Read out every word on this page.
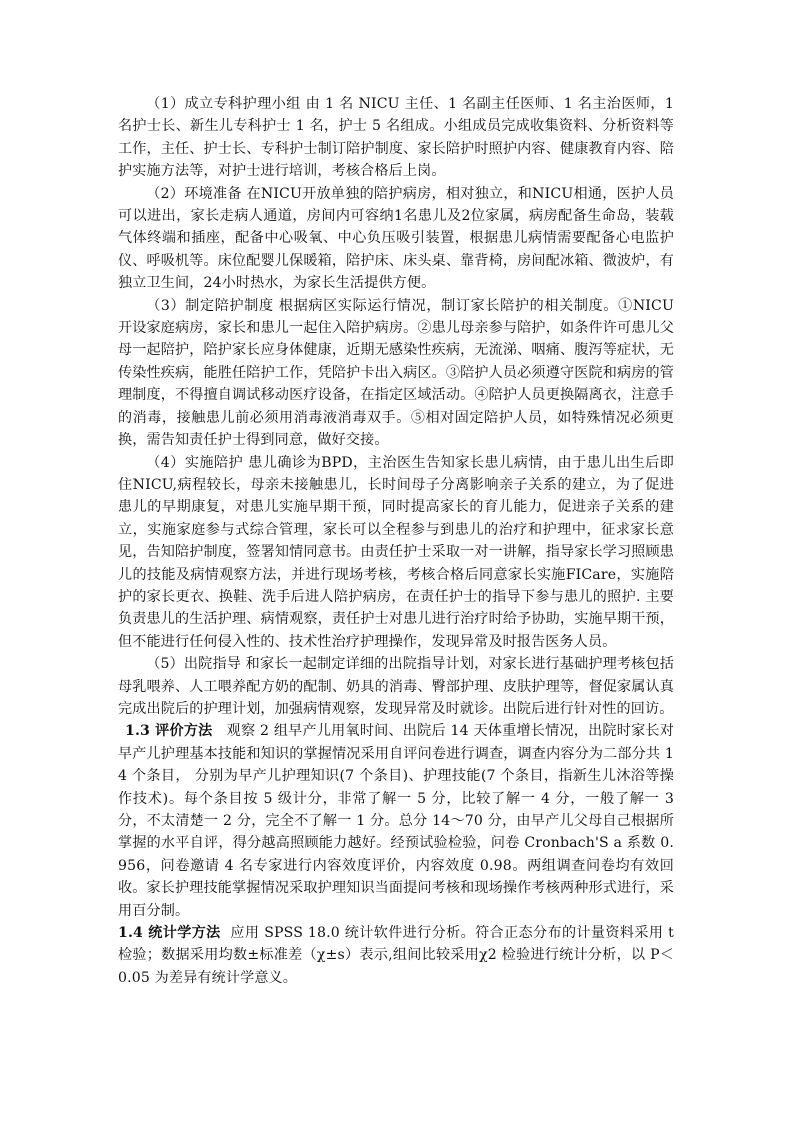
（1）成立专科护理小组 由 1 名 NICU 主任、1 名副主任医师、1 名主治医师，1 名护士长、新生儿专科护士 1 名，护士 5 名组成。小组成员完成收集资料、分析资料等工作，主任、护士长、专科护士制订陪护制度、家长陪护时照护内容、健康教育内容、陪护实施方法等，对护士进行培训，考核合格后上岗。

（2）环境准备 在NICU开放单独的陪护病房，相对独立，和NICU相通，医护人员可以进出，家长走病人通道，房间内可容纳1名患儿及2位家属，病房配备生命岛，装载气体终端和插座，配备中心吸氧、中心负压吸引装置，根据患儿病情需要配备心电监护仪、呼吸机等。床位配婴儿保暖箱，陪护床、床头桌、靠背椅，房间配冰箱、微波炉，有独立卫生间，24小时热水，为家长生活提供方便。

（3）制定陪护制度 根据病区实际运行情况，制订家长陪护的相关制度。①NICU 开设家庭病房，家长和患儿一起住入陪护病房。②患儿母亲参与陪护，如条件许可患儿父母一起陪护，陪护家长应身体健康，近期无感染性疾病，无流涕、咽痛、腹泻等症状，无传染性疾病，能胜任陪护工作，凭陪护卡出入病区。③陪护人员必须遵守医院和病房的管理制度，不得擅自调试移动医疗设备，在指定区域活动。④陪护人员更换隔离衣，注意手的消毒，接触患儿前必须用消毒液消毒双手。⑤相对固定陪护人员，如特殊情况必须更换，需告知责任护士得到同意，做好交接。

（4）实施陪护 患儿确诊为BPD，主治医生告知家长患儿病情，由于患儿出生后即住NICU,病程较长，母亲未接触患儿，长时间母子分离影响亲子关系的建立，为了促进患儿的早期康复，对患儿实施早期干预，同时提高家长的育儿能力，促进亲子关系的建立，实施家庭参与式综合管理，家长可以全程参与到患儿的治疗和护理中，征求家长意见，告知陪护制度，签署知情同意书。由责任护士采取一对一讲解，指导家长学习照顾患儿的技能及病情观察方法，并进行现场考核，考核合格后同意家长实施FICare，实施陪护的家长更衣、换鞋、洗手后进人陪护病房，在责任护士的指导下参与患儿的照护. 主要负责患儿的生活护理、病情观察，责任护士对患儿进行治疗时给予协助，实施早期干预，但不能进行任何侵入性的、技术性治疗护理操作，发现异常及时报告医务人员。

（5）出院指导 和家长一起制定详细的出院指导计划，对家长进行基础护理考核包括母乳喂养、人工喂养配方奶的配制、奶具的消毒、臀部护理、皮肤护理等，督促家属认真完成出院后的护理计划，加强病情观察，发现异常及时就诊。出院后进行针对性的回访。

1.3 评价方法 观察 2 组早产儿用氧时间、出院后 14 天体重增长情况，出院时家长对早产儿护理基本技能和知识的掌握情况采用自评问卷进行调查，调查内容分为二部分共 14 个条目， 分别为早产儿护理知识(7 个条目)、护理技能(7 个条目，指新生儿沐浴等操作技术)。每个条目按 5 级计分，非常了解一 5 分，比较了解一 4 分，一般了解一 3 分，不太清楚一 2 分，完全不了解一 1 分。总分 14～70 分，由早产儿父母自己根据所掌握的水平自评，得分越高照顾能力越好。经预试验检验，问卷 Cronbach'S a 系数 0.956，问卷邀请 4 名专家进行内容效度评价，内容效度 0.98。两组调查问卷均有效回收。家长护理技能掌握情况采取护理知识当面提问考核和现场操作考核两种形式进行，采用百分制。

1.4 统计学方法 应用 SPSS 18.0 统计软件进行分析。符合正态分布的计量资料采用 t 检验；数据采用均数±标准差（χ±s）表示,组间比较采用χ2 检验进行统计分析，以 P＜0.05 为差异有统计学意义。
